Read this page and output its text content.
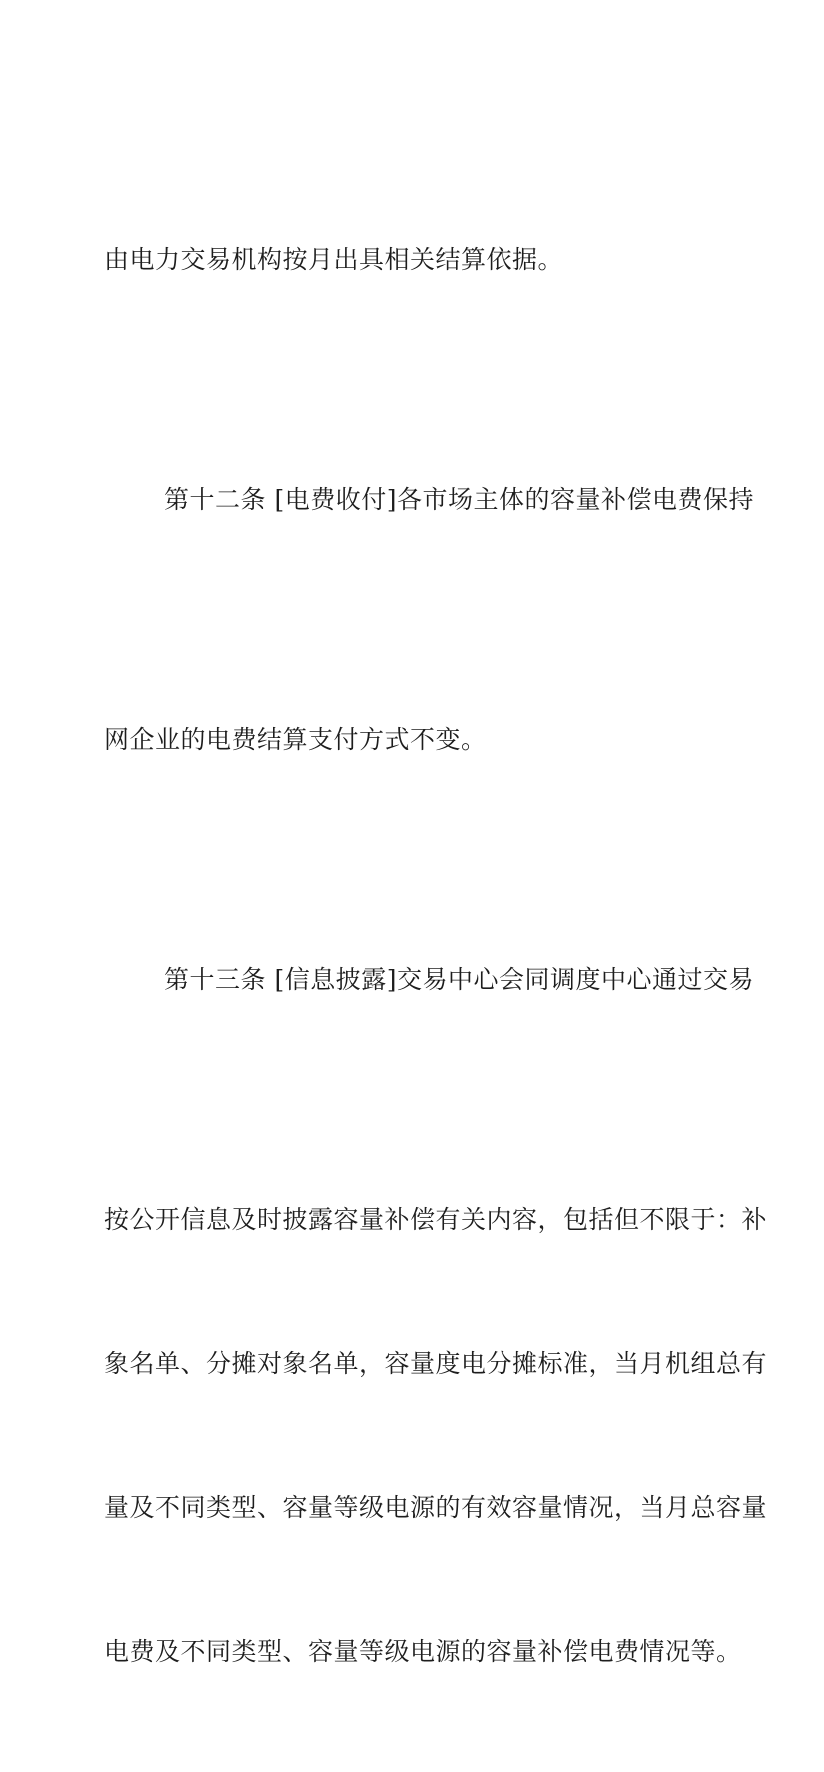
由电力交易机构按月出具相关结算依据。

第十二条 [电费收付]各市场主体的容量补偿电费保持

网企业的电费结算支付方式不变。

第十三条 [信息披露]交易中心会同调度中心通过交易

按公开信息及时披露容量补偿有关内容，包括但不限于：补

象名单、分摊对象名单，容量度电分摊标准，当月机组总有

量及不同类型、容量等级电源的有效容量情况，当月总容量

电费及不同类型、容量等级电源的容量补偿电费情况等。
